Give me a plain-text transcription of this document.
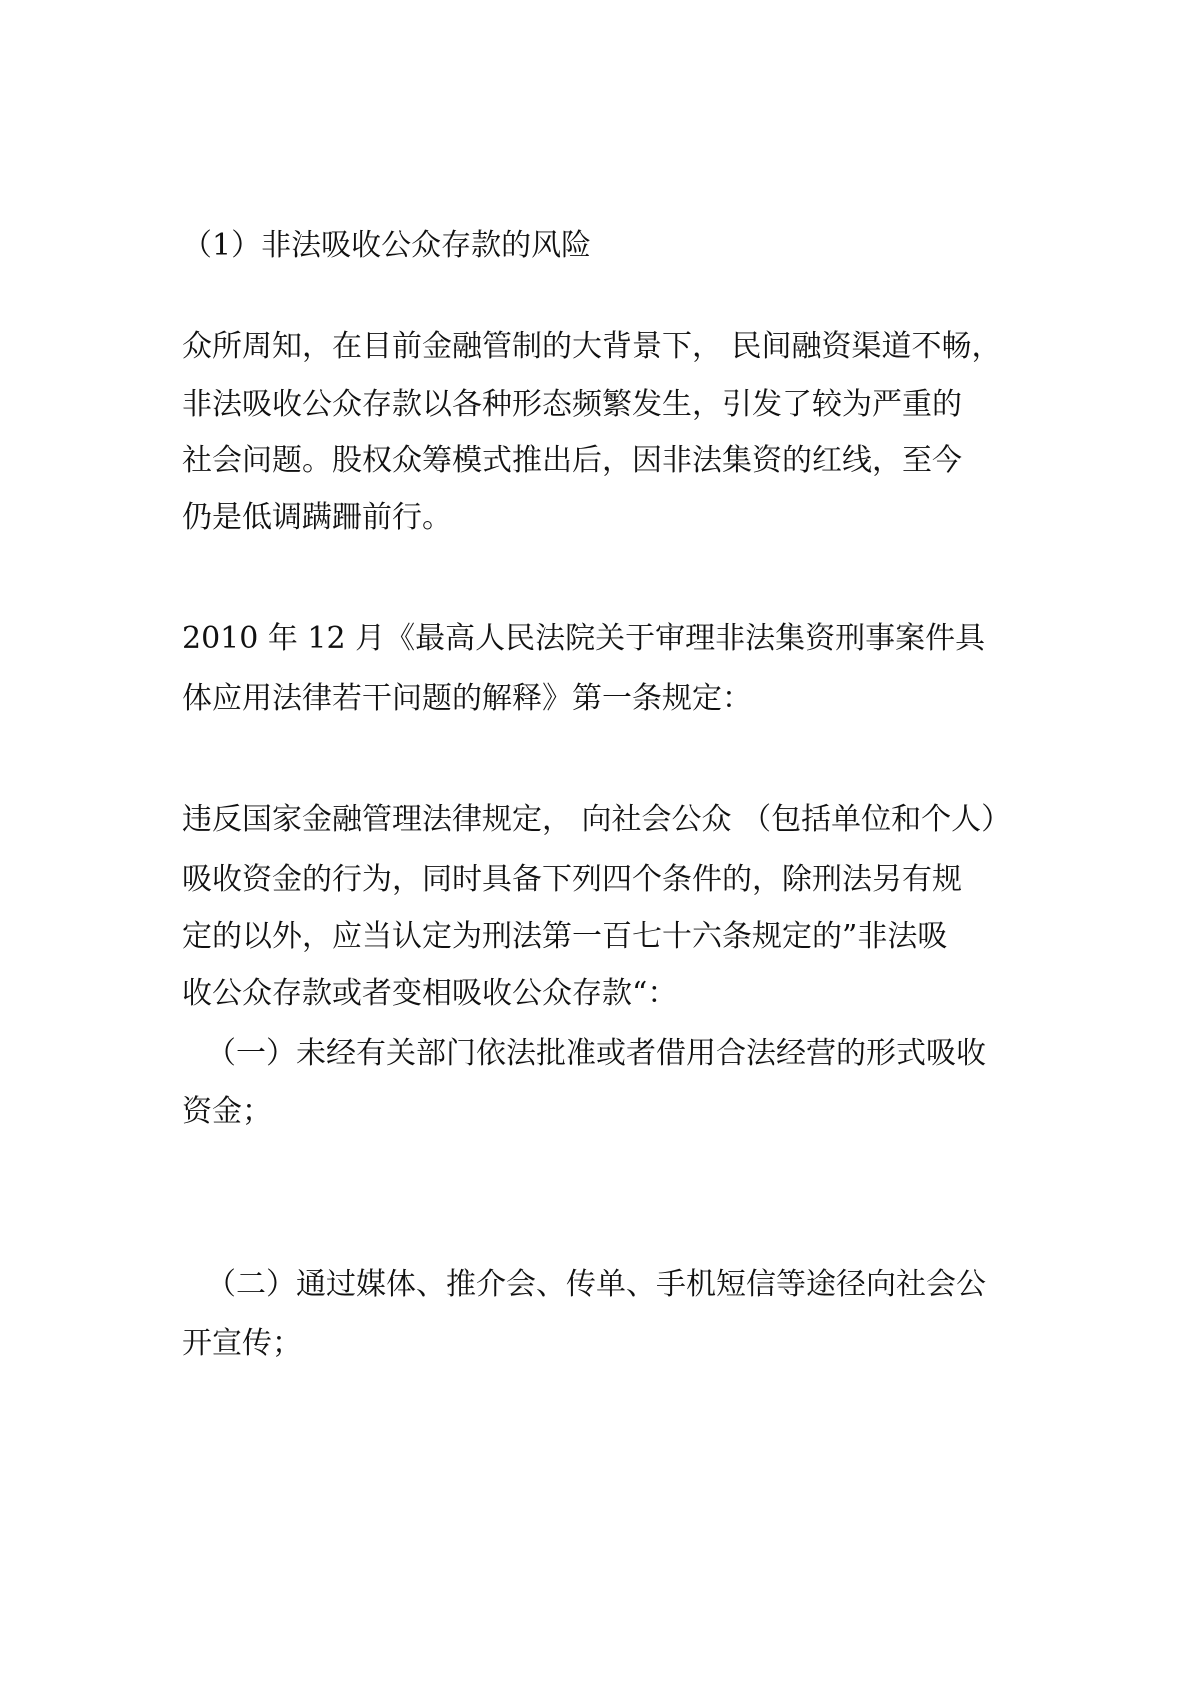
（1）非法吸收公众存款的风险
众所周知，在目前金融管制的大背景下， 民间融资渠道不畅，
非法吸收公众存款以各种形态频繁发生，引发了较为严重的
社会问题。股权众筹模式推出后，因非法集资的红线，至今
仍是低调蹒跚前行。
2010 年 12 月《最高人民法院关于审理非法集资刑事案件具
体应用法律若干问题的解释》第一条规定：
违反国家金融管理法律规定， 向社会公众 （包括单位和个人）
吸收资金的行为，同时具备下列四个条件的，除刑法另有规
定的以外，应当认定为刑法第一百七十六条规定的”非法吸
收公众存款或者变相吸收公众存款“：
（一）未经有关部门依法批准或者借用合法经营的形式吸收
资金；
（二）通过媒体、推介会、传单、手机短信等途径向社会公
开宣传；
